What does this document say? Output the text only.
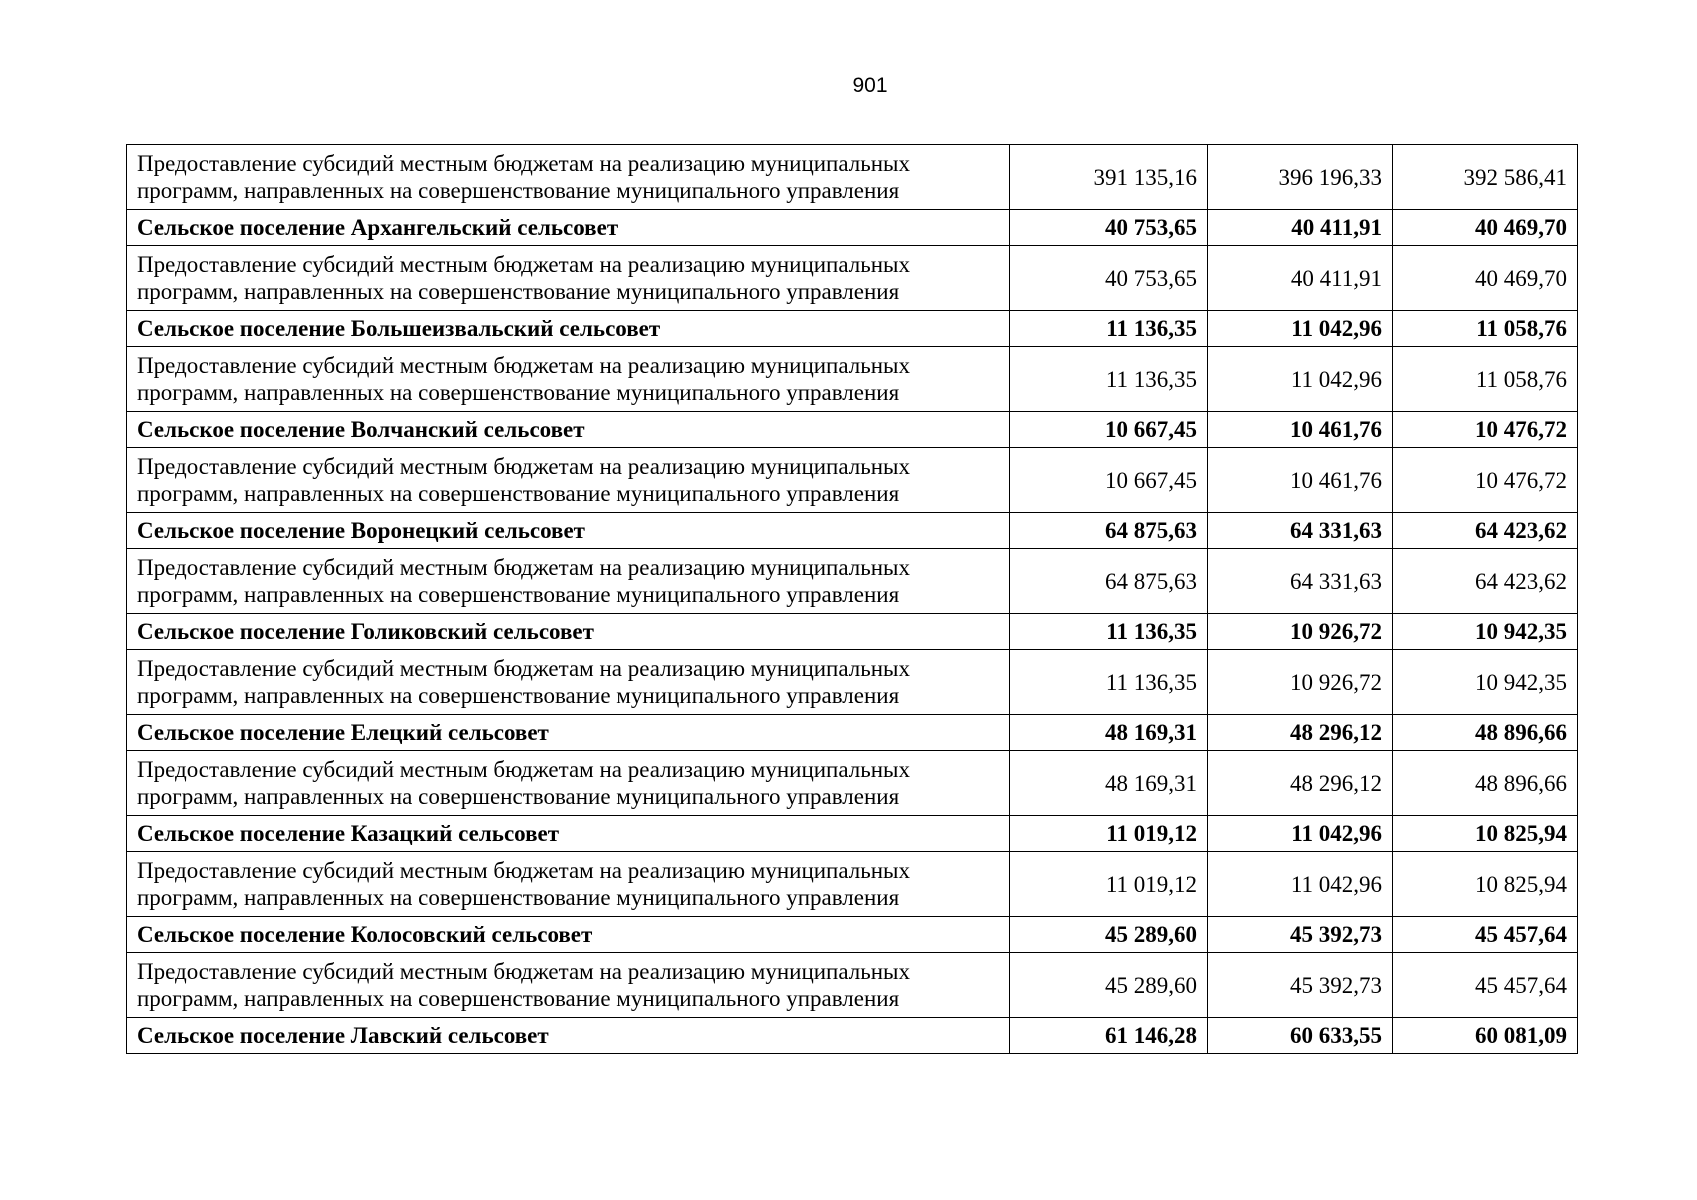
901
Предоставление субсидий местным бюджетам на реализацию муниципальных программ, направленных на совершенствование муниципального управления	391 135,16	396 196,33	392 586,41
Сельское поселение Архангельский сельсовет	40 753,65	40 411,91	40 469,70
Предоставление субсидий местным бюджетам на реализацию муниципальных программ, направленных на совершенствование муниципального управления	40 753,65	40 411,91	40 469,70
Сельское поселение Большеизвальский сельсовет	11 136,35	11 042,96	11 058,76
Предоставление субсидий местным бюджетам на реализацию муниципальных программ, направленных на совершенствование муниципального управления	11 136,35	11 042,96	11 058,76
Сельское поселение Волчанский сельсовет	10 667,45	10 461,76	10 476,72
Предоставление субсидий местным бюджетам на реализацию муниципальных программ, направленных на совершенствование муниципального управления	10 667,45	10 461,76	10 476,72
Сельское поселение Воронецкий сельсовет	64 875,63	64 331,63	64 423,62
Предоставление субсидий местным бюджетам на реализацию муниципальных программ, направленных на совершенствование муниципального управления	64 875,63	64 331,63	64 423,62
Сельское поселение Голиковский сельсовет	11 136,35	10 926,72	10 942,35
Предоставление субсидий местным бюджетам на реализацию муниципальных программ, направленных на совершенствование муниципального управления	11 136,35	10 926,72	10 942,35
Сельское поселение Елецкий сельсовет	48 169,31	48 296,12	48 896,66
Предоставление субсидий местным бюджетам на реализацию муниципальных программ, направленных на совершенствование муниципального управления	48 169,31	48 296,12	48 896,66
Сельское поселение Казацкий сельсовет	11 019,12	11 042,96	10 825,94
Предоставление субсидий местным бюджетам на реализацию муниципальных программ, направленных на совершенствование муниципального управления	11 019,12	11 042,96	10 825,94
Сельское поселение Колосовский сельсовет	45 289,60	45 392,73	45 457,64
Предоставление субсидий местным бюджетам на реализацию муниципальных программ, направленных на совершенствование муниципального управления	45 289,60	45 392,73	45 457,64
Сельское поселение Лавский сельсовет	61 146,28	60 633,55	60 081,09
